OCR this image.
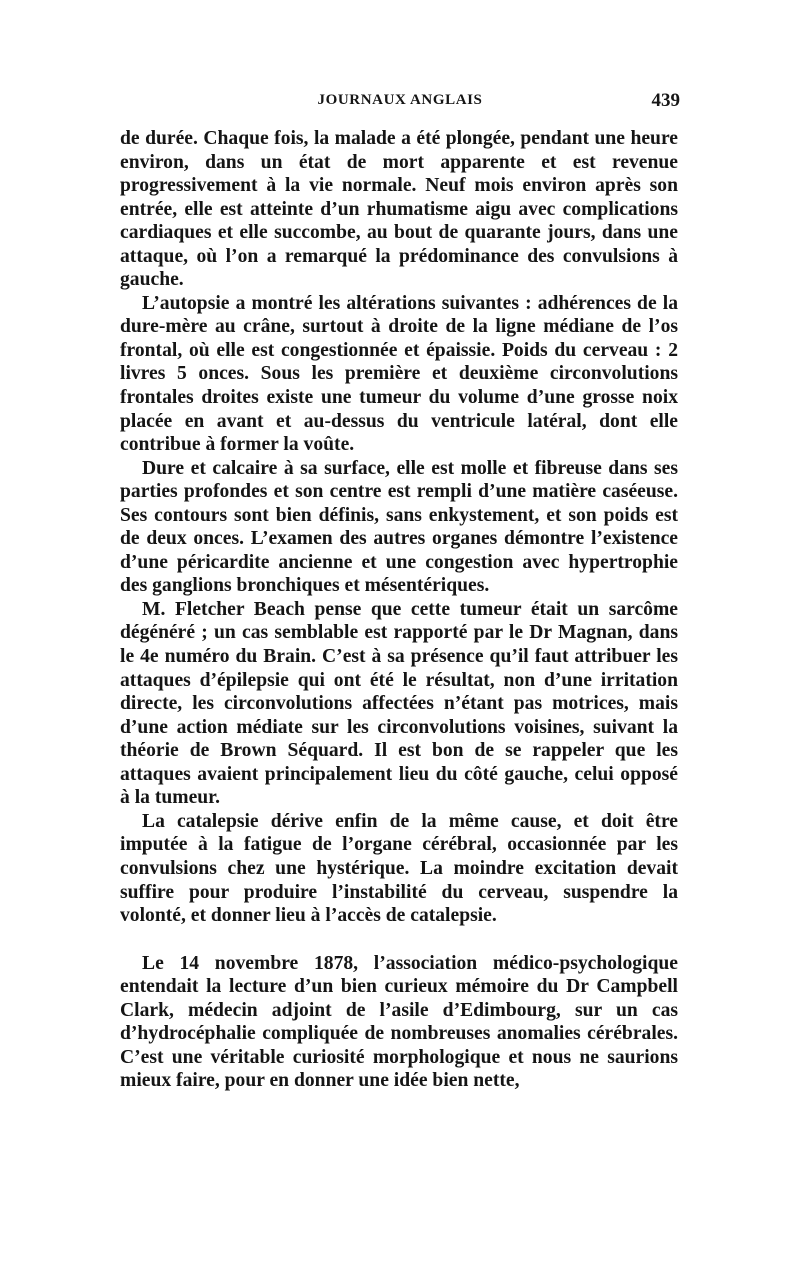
JOURNAUX ANGLAIS	439

de durée. Chaque fois, la malade a été plongée, pendant une heure environ, dans un état de mort apparente et est revenue progressivement à la vie normale. Neuf mois environ après son entrée, elle est atteinte d’un rhumatisme aigu avec complications cardiaques et elle succombe, au bout de quarante jours, dans une attaque, où l’on a remarqué la prédominance des convulsions à gauche.

L’autopsie a montré les altérations suivantes : adhérences de la dure-mère au crâne, surtout à droite de la ligne médiane de l’os frontal, où elle est congestionnée et épaissie. Poids du cerveau : 2 livres 5 onces. Sous les première et deuxième circonvolutions frontales droites existe une tumeur du volume d’une grosse noix placée en avant et au-dessus du ventricule latéral, dont elle contribue à former la voûte.

Dure et calcaire à sa surface, elle est molle et fibreuse dans ses parties profondes et son centre est rempli d’une matière caséeuse. Ses contours sont bien définis, sans enkystement, et son poids est de deux onces. L’examen des autres organes démontre l’existence d’une péricardite ancienne et une congestion avec hypertrophie des ganglions bronchiques et mésentériques.

M. Fletcher Beach pense que cette tumeur était un sarcôme dégénéré ; un cas semblable est rapporté par le Dr Magnan, dans le 4e numéro du Brain. C’est à sa présence qu’il faut attribuer les attaques d’épilepsie qui ont été le résultat, non d’une irritation directe, les circonvolutions affectées n’étant pas motrices, mais d’une action médiate sur les circonvolutions voisines, suivant la théorie de Brown Séquard. Il est bon de se rappeler que les attaques avaient principalement lieu du côté gauche, celui opposé à la tumeur.

La catalepsie dérive enfin de la même cause, et doit être imputée à la fatigue de l’organe cérébral, occasionnée par les convulsions chez une hystérique. La moindre excitation devait suffire pour produire l’instabilité du cerveau, suspendre la volonté, et donner lieu à l’accès de catalepsie.

Le 14 novembre 1878, l’association médico-psychologique entendait la lecture d’un bien curieux mémoire du Dr Campbell Clark, médecin adjoint de l’asile d’Edimbourg, sur un cas d’hydrocéphalie compliquée de nombreuses anomalies cérébrales. C’est une véritable curiosité morphologique et nous ne saurions mieux faire, pour en donner une idée bien nette,
